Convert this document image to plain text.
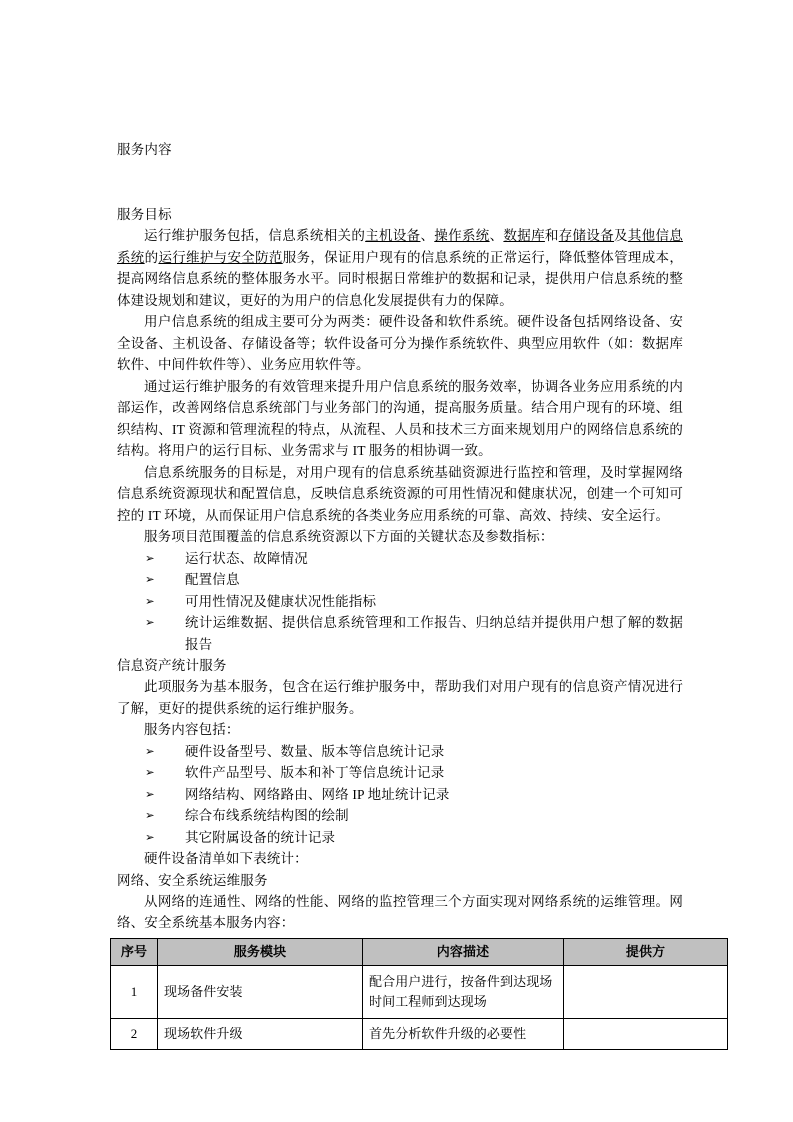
服务内容
服务目标

运行维护服务包括，信息系统相关的主机设备、操作系统、数据库和存储设备及其他信息系统的运行维护与安全防范服务，保证用户现有的信息系统的正常运行，降低整体管理成本，提高网络信息系统的整体服务水平。同时根据日常维护的数据和记录，提供用户信息系统的整体建设规划和建议，更好的为用户的信息化发展提供有力的保障。

用户信息系统的组成主要可分为两类：硬件设备和软件系统。硬件设备包括网络设备、安全设备、主机设备、存储设备等；软件设备可分为操作系统软件、典型应用软件（如：数据库软件、中间件软件等）、业务应用软件等。

通过运行维护服务的有效管理来提升用户信息系统的服务效率，协调各业务应用系统的内部运作，改善网络信息系统部门与业务部门的沟通，提高服务质量。结合用户现有的环境、组织结构、IT 资源和管理流程的特点，从流程、人员和技术三方面来规划用户的网络信息系统的结构。将用户的运行目标、业务需求与 IT 服务的相协调一致。

信息系统服务的目标是，对用户现有的信息系统基础资源进行监控和管理，及时掌握网络信息系统资源现状和配置信息，反映信息系统资源的可用性情况和健康状况，创建一个可知可控的 IT 环境，从而保证用户信息系统的各类业务应用系统的可靠、高效、持续、安全运行。

服务项目范围覆盖的信息系统资源以下方面的关键状态及参数指标：

➢ 运行状态、故障情况
➢ 配置信息
➢ 可用性情况及健康状况性能指标
➢ 统计运维数据、提供信息系统管理和工作报告、归纳总结并提供用户想了解的数据报告
信息资产统计服务

此项服务为基本服务，包含在运行维护服务中，帮助我们对用户现有的信息资产情况进行了解，更好的提供系统的运行维护服务。

服务内容包括：

➢ 硬件设备型号、数量、版本等信息统计记录
➢ 软件产品型号、版本和补丁等信息统计记录
➢ 网络结构、网络路由、网络 IP 地址统计记录
➢ 综合布线系统结构图的绘制
➢ 其它附属设备的统计记录

硬件设备清单如下表统计：

网络、安全系统运维服务

从网络的连通性、网络的性能、网络的监控管理三个方面实现对网络系统的运维管理。网络、安全系统基本服务内容：

序号	服务模块	内容描述	提供方
1	现场备件安装	配合用户进行，按备件到达现场时间工程师到达现场	
2	现场软件升级	首先分析软件升级的必要性	
